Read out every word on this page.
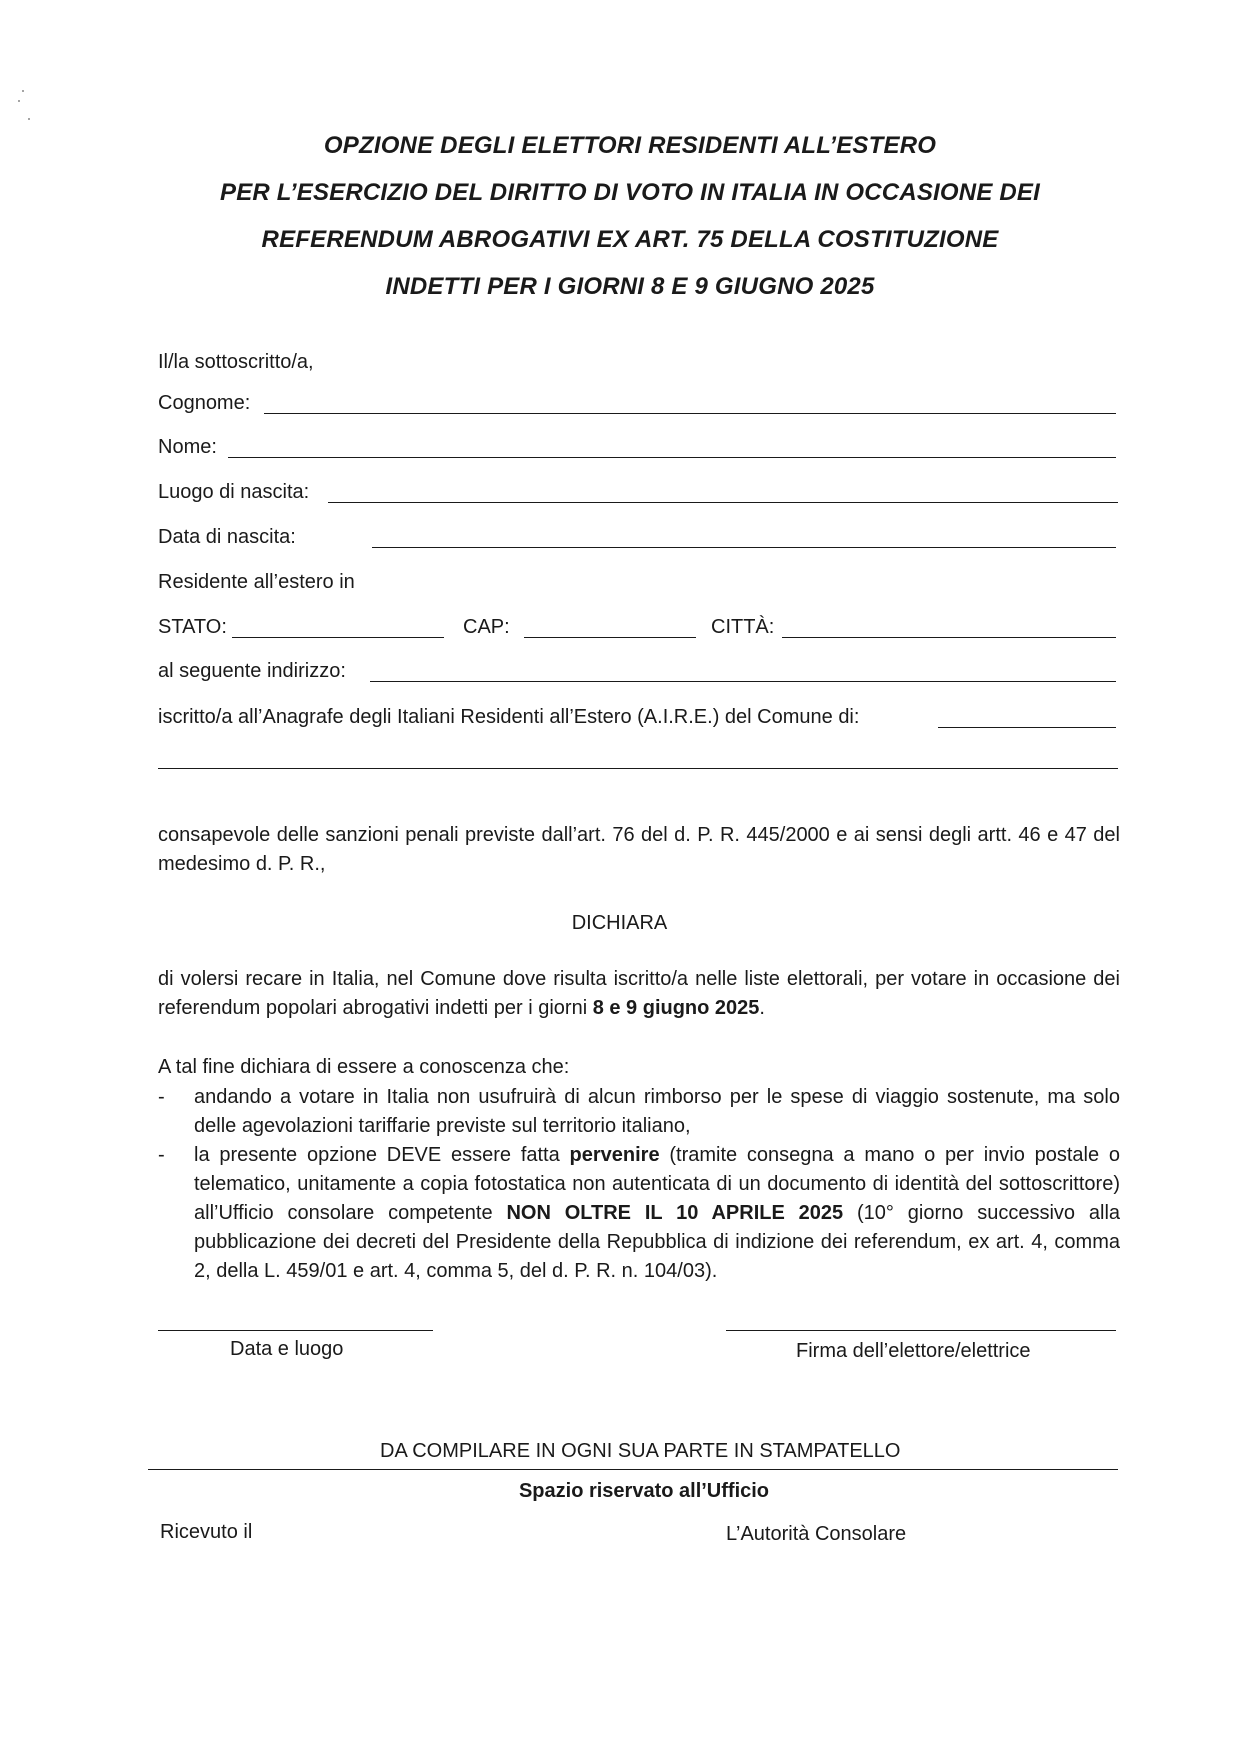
OPZIONE DEGLI ELETTORI RESIDENTI ALL’ESTERO
PER L’ESERCIZIO DEL DIRITTO DI VOTO IN ITALIA IN OCCASIONE DEI
REFERENDUM ABROGATIVI EX ART. 75 DELLA COSTITUZIONE
INDETTI PER I GIORNI 8 E 9 GIUGNO 2025
Il/la sottoscritto/a,
Cognome:
Nome:
Luogo di nascita:
Data di nascita:
Residente all’estero in
STATO:	CAP:	CITTÀ:
al seguente indirizzo:
iscritto/a all’Anagrafe degli Italiani Residenti all’Estero (A.I.R.E.) del Comune di:
consapevole delle sanzioni penali previste dall’art. 76 del d. P. R. 445/2000 e ai sensi degli artt. 46 e 47 del medesimo d. P. R.,
DICHIARA
di volersi recare in Italia, nel Comune dove risulta iscritto/a nelle liste elettorali, per votare in occasione dei referendum popolari abrogativi indetti per i giorni 8 e 9 giugno 2025.
A tal fine dichiara di essere a conoscenza che:
- andando a votare in Italia non usufruirà di alcun rimborso per le spese di viaggio sostenute, ma solo delle agevolazioni tariffarie previste sul territorio italiano,
- la presente opzione DEVE essere fatta pervenire (tramite consegna a mano o per invio postale o telematico, unitamente a copia fotostatica non autenticata di un documento di identità del sottoscrittore) all’Ufficio consolare competente NON OLTRE IL 10 APRILE 2025 (10° giorno successivo alla pubblicazione dei decreti del Presidente della Repubblica di indizione dei referendum, ex art. 4, comma 2, della L. 459/01 e art. 4, comma 5, del d. P. R. n. 104/03).
Data e luogo	Firma dell’elettore/elettrice
DA COMPILARE IN OGNI SUA PARTE IN STAMPATELLO
Spazio riservato all’Ufficio
Ricevuto il	L’Autorità Consolare
